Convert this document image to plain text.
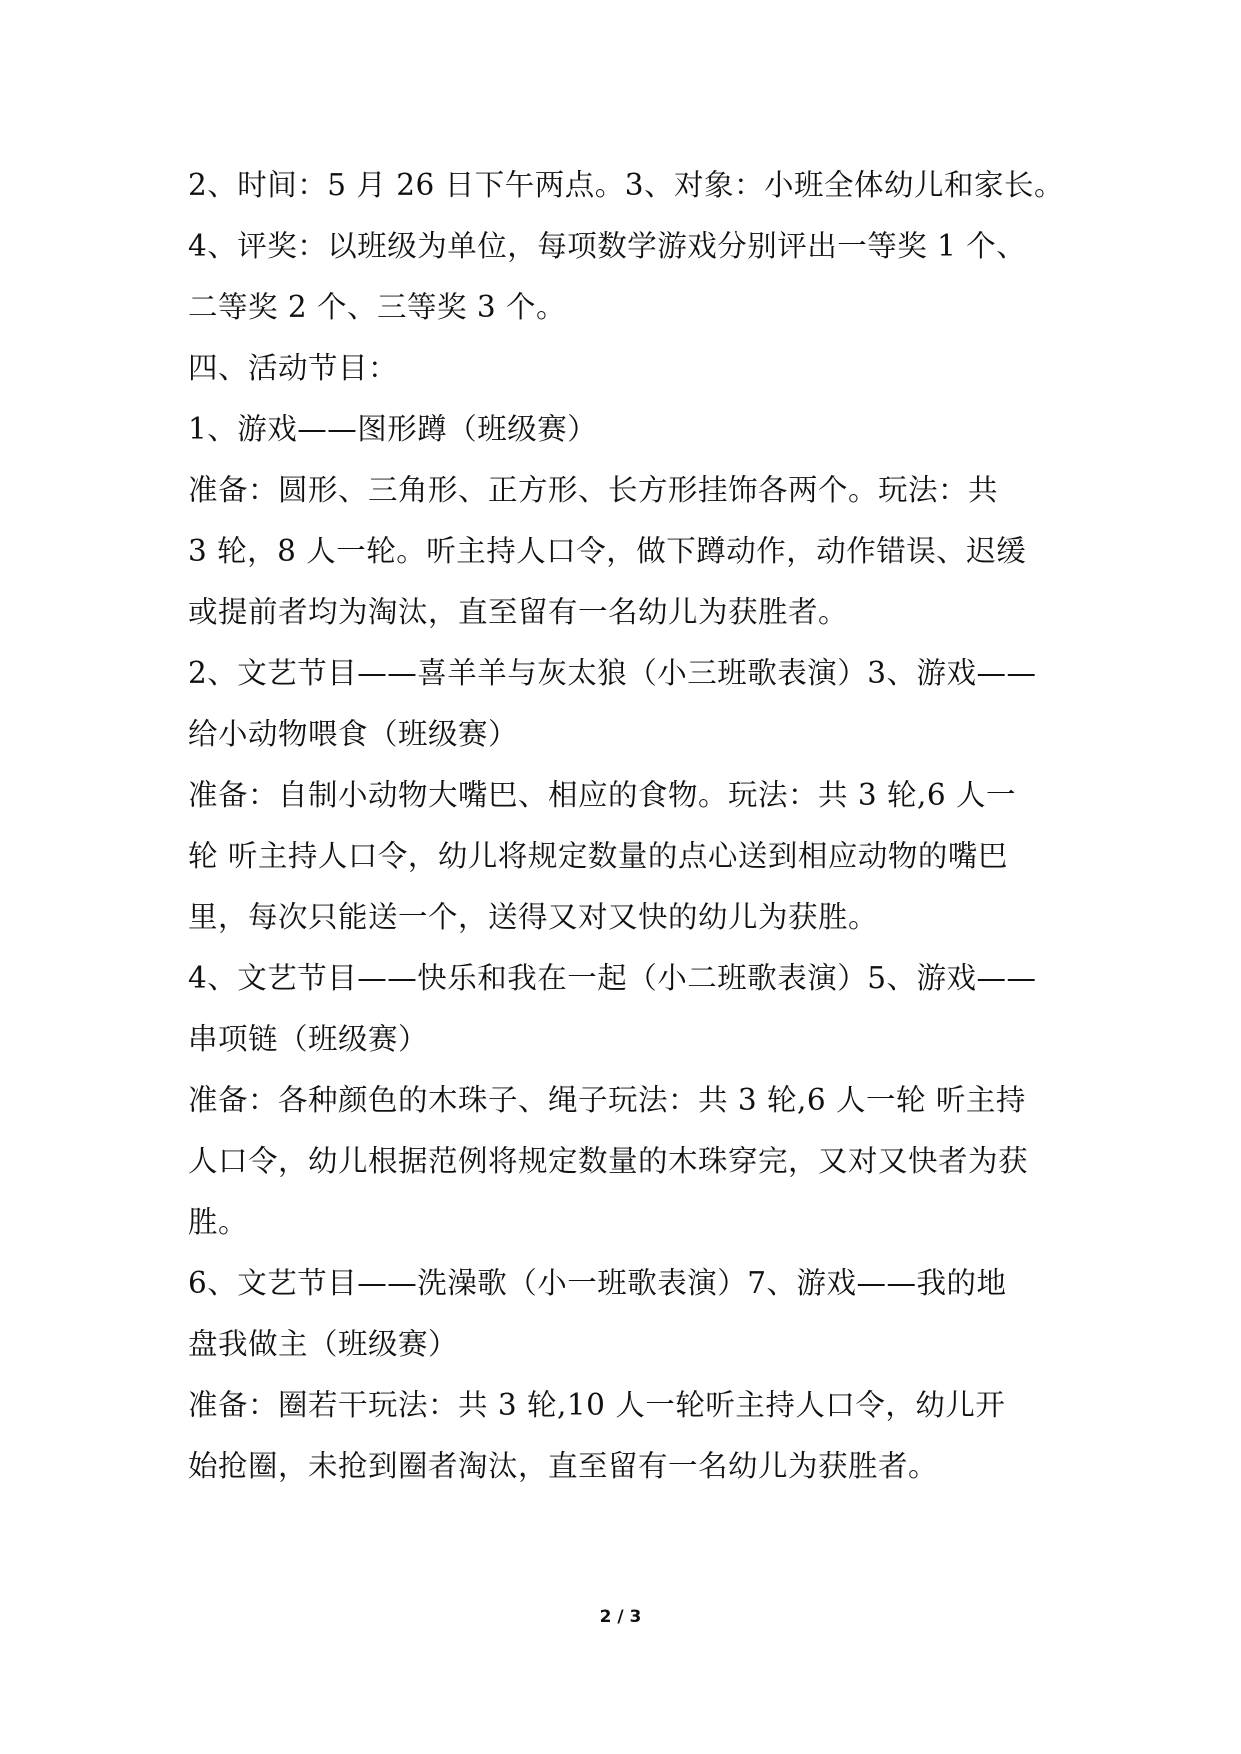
2、时间：5 月 26 日下午两点。3、对象：小班全体幼儿和家长。
4、评奖：以班级为单位，每项数学游戏分别评出一等奖 1 个、
二等奖 2 个、三等奖 3 个。
四、活动节目：
1、游戏——图形蹲（班级赛）
准备：圆形、三角形、正方形、长方形挂饰各两个。玩法：共
3 轮，8 人一轮。听主持人口令，做下蹲动作，动作错误、迟缓
或提前者均为淘汰，直至留有一名幼儿为获胜者。
2、文艺节目——喜羊羊与灰太狼（小三班歌表演）3、游戏——
给小动物喂食（班级赛）
准备：自制小动物大嘴巴、相应的食物。玩法：共 3 轮,6 人一
轮 听主持人口令，幼儿将规定数量的点心送到相应动物的嘴巴
里，每次只能送一个，送得又对又快的幼儿为获胜。
4、文艺节目——快乐和我在一起（小二班歌表演）5、游戏——
串项链（班级赛）
准备：各种颜色的木珠子、绳子玩法：共 3 轮,6 人一轮 听主持
人口令，幼儿根据范例将规定数量的木珠穿完，又对又快者为获
胜。
6、文艺节目——洗澡歌（小一班歌表演）7、游戏——我的地
盘我做主（班级赛）
准备：圈若干玩法：共 3 轮,10 人一轮听主持人口令，幼儿开
始抢圈，未抢到圈者淘汰，直至留有一名幼儿为获胜者。
2 / 3
